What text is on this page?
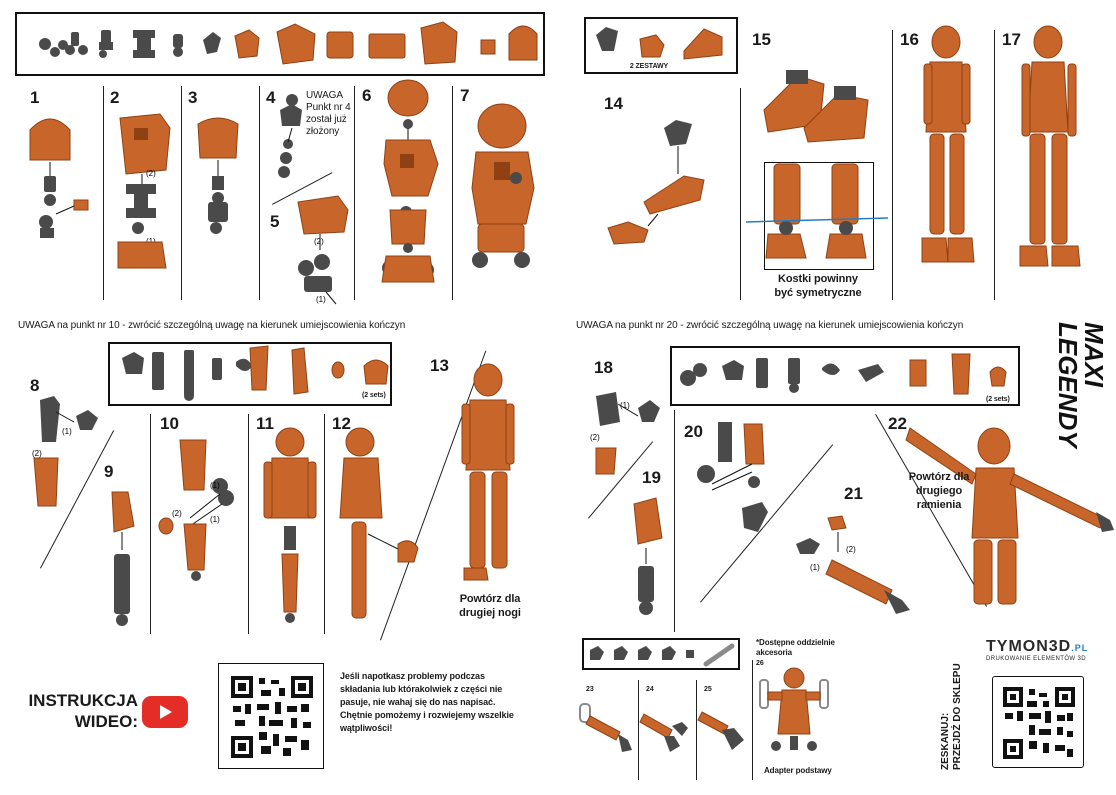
1	2	3	4
5
6	7
UWAGA
Punkt nr 4
został już
złożony
(2)
(2)
(1)
2 ZESTAWY
14
15	16	17
Kostki powinny
być symetryczne
UWAGA na punkt nr 10 - zwrócić szczególną uwagę na kierunek umiejscowienia kończyn	UWAGA na punkt nr 20 - zwrócić szczególną uwagę na kierunek umiejscowienia kończyn
(2 sets)
8
9
10	11	12
13
(1)
(2)
(1)
(2)
(1)
Powtórz dla
drugiej nogi
(2 sets)
18
19
20
21
22
(1)
(2)
(2)
(1)
Powtórz dla
drugiego
ramienia
MAXI
LEGENDY
INSTRUKCJA
WIDEO:
Jeśli napotkasz problemy podczas
składania lub którakolwiek z części nie
pasuje, nie wahaj się do nas napisać.
Chętnie pomożemy i rozwiejemy wszelkie
wątpliwości!
*Dostępne oddzielnie
akcesoria
23	24	25
26
Adapter podstawy
ZESKANUJ: PRZEJDŹ DO SKLEPU
TYMON3D.PL
DRUKOWANIE ELEMENTÓW 3D
